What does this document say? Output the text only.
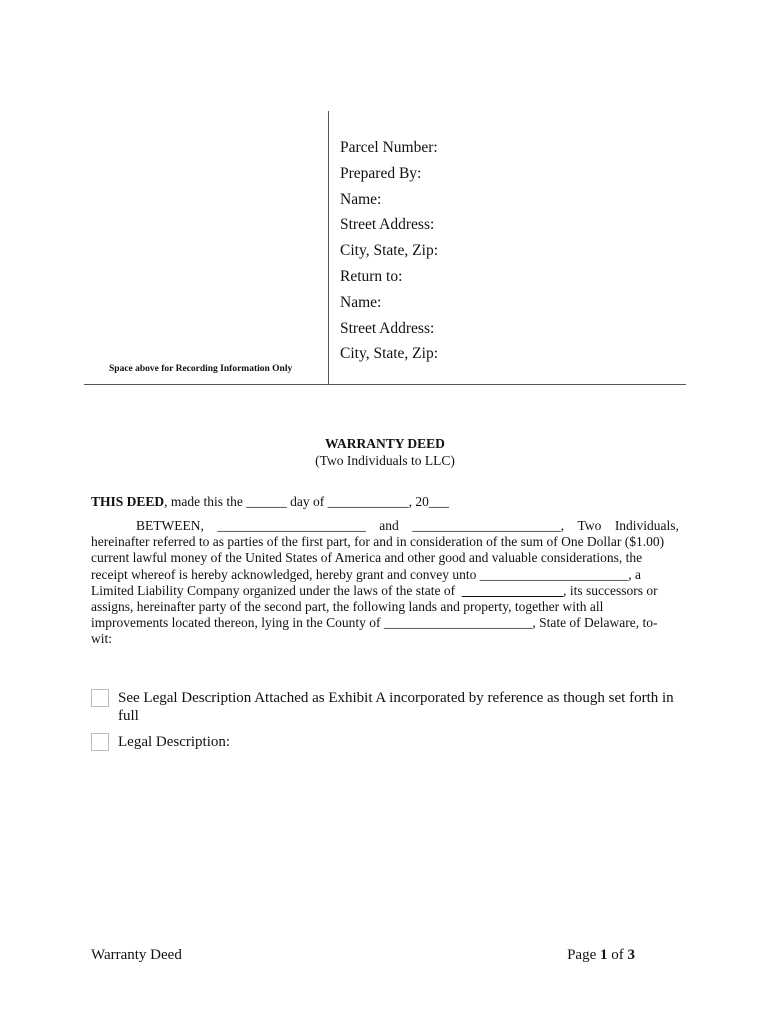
Parcel Number:
Prepared By:
Name:
Street Address:
City, State, Zip:
Return to:
Name:
Street Address:
City, State, Zip:
Space above for Recording Information Only
WARRANTY DEED
(Two Individuals to LLC)
THIS DEED, made this the ______ day of ____________, 20___
BETWEEN, ______________________ and ______________________, Two Individuals,
hereinafter referred to as parties of the first part, for and in consideration of the sum of One Dollar ($1.00)
current lawful money of the United States of America and other good and valuable considerations, the
receipt whereof is hereby acknowledged, hereby grant and convey unto ______________________, a
Limited Liability Company organized under the laws of the state of _______________, its successors or
assigns, hereinafter party of the second part, the following lands and property, together with all
improvements located thereon, lying in the County of ______________________, State of Delaware, to-
wit:
See Legal Description Attached as Exhibit A incorporated by reference as though set forth in full
Legal Description:
Warranty Deed	Page 1 of 3
